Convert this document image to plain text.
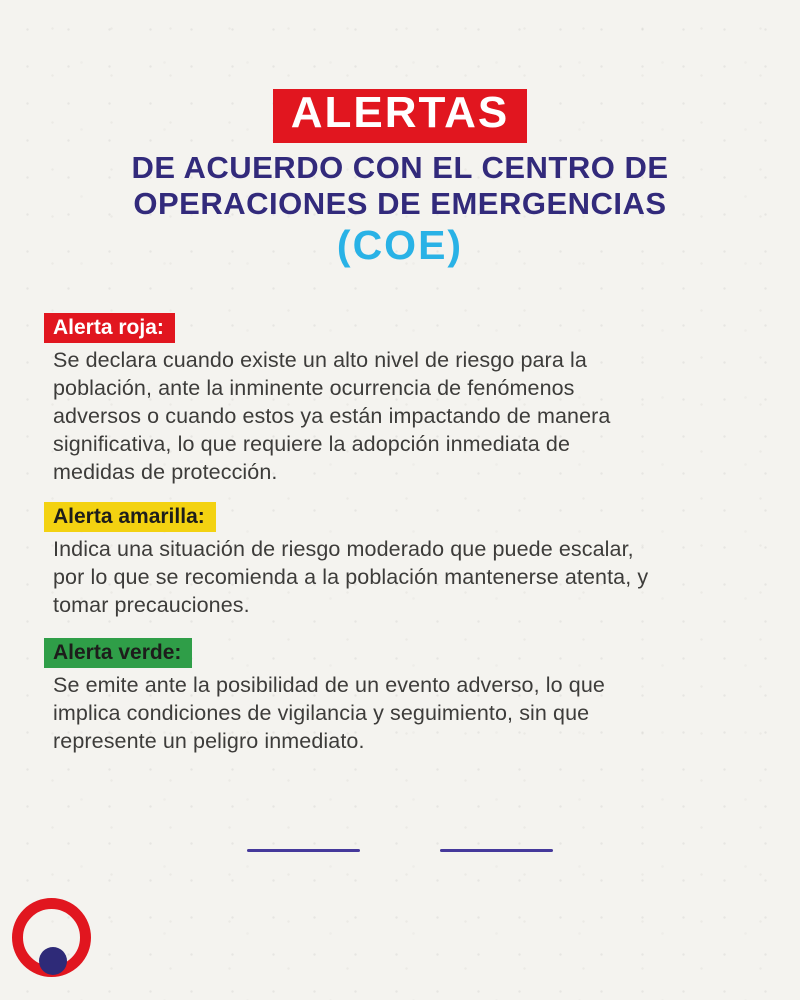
ALERTAS
DE ACUERDO CON EL CENTRO DE
OPERACIONES DE EMERGENCIAS
(COE)
Alerta roja:
Se declara cuando existe un alto nivel de riesgo para la
población, ante la inminente ocurrencia de fenómenos
adversos o cuando estos ya están impactando de manera
significativa, lo que requiere la adopción inmediata de
medidas de protección.
Alerta amarilla:
Indica una situación de riesgo moderado que puede escalar,
por lo que se recomienda a la población mantenerse atenta, y
tomar precauciones.
Alerta verde:
Se emite ante la posibilidad de un evento adverso, lo que
implica condiciones de vigilancia y seguimiento, sin que
represente un peligro inmediato.
